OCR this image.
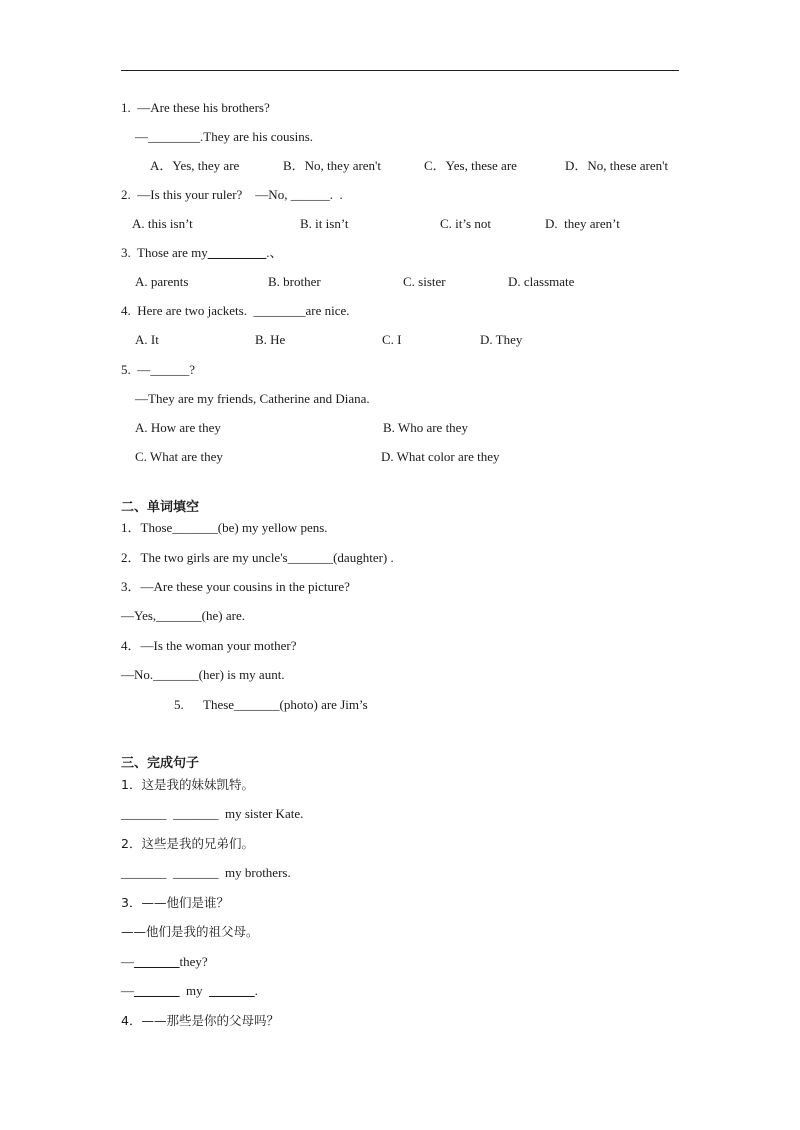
1.  —Are these his brothers?
—________.They are his cousins.
A．Yes, they are	B．No, they aren't	C．Yes, these are	D．No, these aren't
2.  —Is this your ruler?    —No, ______.  .
A. this isn’t	B. it isn’t	C. it’s not	D.  they aren’t
3.  Those are my_________.、
A. parents	B. brother	C. sister	D. classmate
4.  Here are two jackets.  ________are nice.
A. It	B. He	C. I	D. They
5.  —______?
—They are my friends, Catherine and Diana.
A. How are they	B. Who are they
C. What are they	D. What color are they
二、单词填空
1．Those_______(be) my yellow pens.
2．The two girls are my uncle's_______(daughter) .
3．—Are these your cousins in the picture?
—Yes,_______(he) are.
4．—Is the woman your mother?
—No._______(her) is my aunt.
5.      These_______(photo) are Jim’s
三、完成句子
1．这是我的妹妹凯特。
_______  _______  my sister Kate.
2．这些是我的兄弟们。
_______  _______  my brothers.
3．——他们是谁？
——他们是我的祖父母。
—_______they?
—_______  my  _______.
4．——那些是你的父母吗？
